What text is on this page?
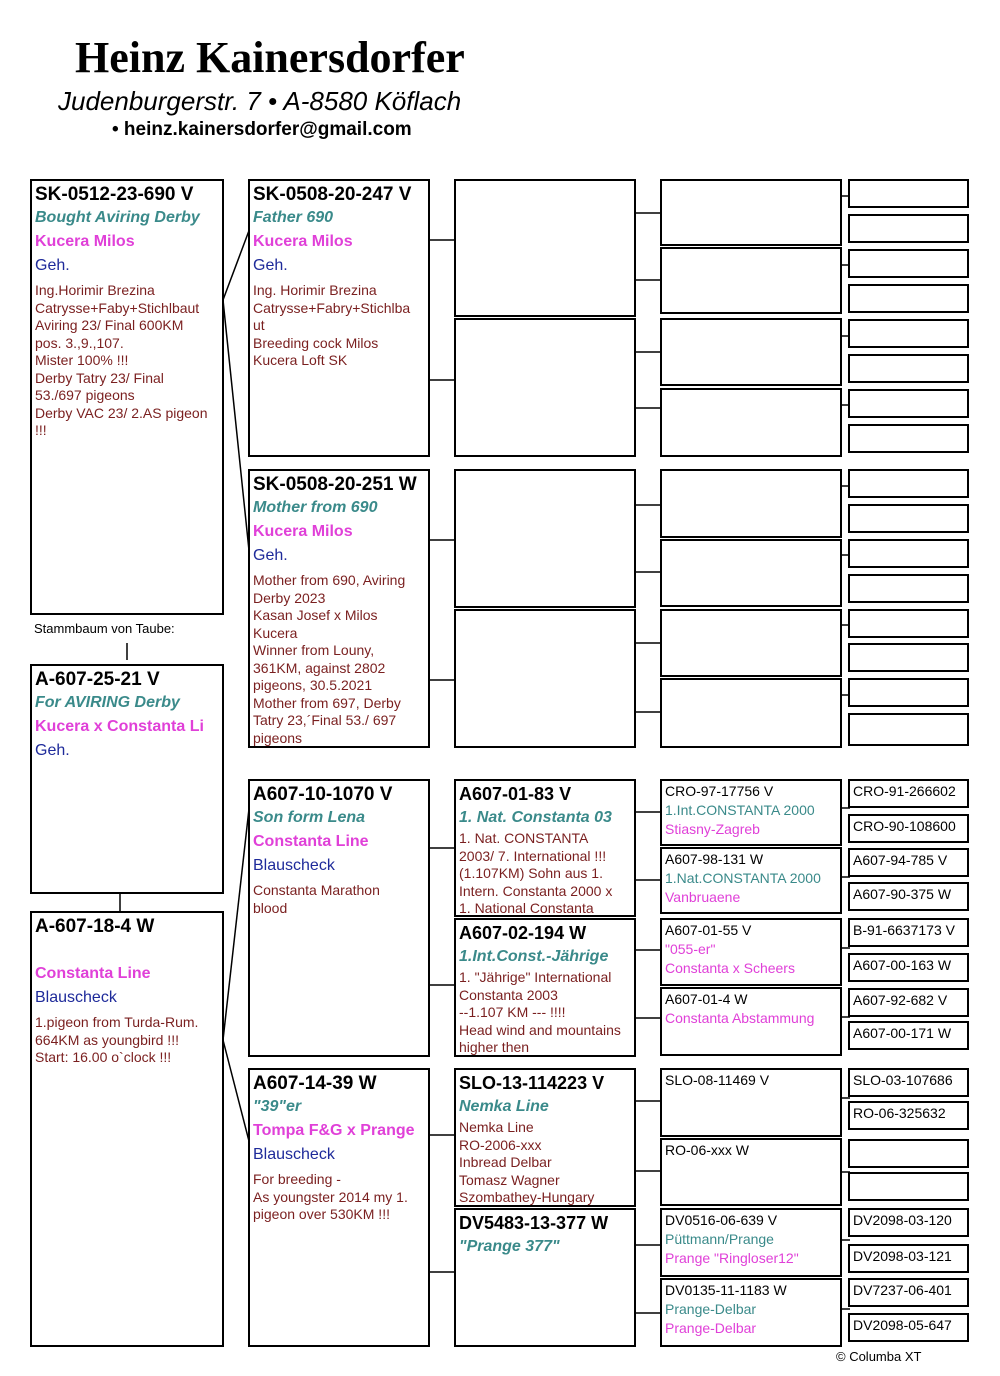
Heinz Kainersdorfer
Judenburgerstr. 7 • A-8580 Köflach
• heinz.kainersdorfer@gmail.com
SK-0512-23-690 V
Bought Aviring Derby
Kucera Milos
Geh.
Ing.Horimir Brezina
Catrysse+Faby+Stichlbaut
Aviring 23/ Final 600KM
pos. 3.,9.,107.
Mister 100% !!!
Derby Tatry 23/ Final
53./697 pigeons
Derby VAC 23/ 2.AS pigeon
!!!
SK-0508-20-247 V
Father 690
Kucera Milos
Geh.
Ing. Horimir Brezina
Catrysse+Fabry+Stichlba
ut
Breeding cock Milos
Kucera Loft SK
SK-0508-20-251 W
Mother from 690
Kucera Milos
Geh.
Mother from 690, Aviring
Derby 2023
Kasan Josef x Milos
Kucera
Winner from Louny,
361KM, against 2802
pigeons, 30.5.2021
Mother from 697, Derby
Tatry 23,´Final 53./ 697
pigeons
Stammbaum von Taube:
A-607-25-21 V
For AVIRING Derby
Kucera x Constanta Li
Geh.
A-607-18-4 W
Constanta Line
Blauscheck
1.pigeon from Turda-Rum.
664KM as youngbird !!!
Start: 16.00 o`clock !!!
A607-10-1070 V
Son form Lena
Constanta Line
Blauscheck
Constanta Marathon
blood
A607-14-39 W
"39"er
Tompa F&G x Prange
Blauscheck
For breeding -
As youngster 2014 my 1.
pigeon over 530KM !!!
A607-01-83 V
1. Nat. Constanta 03
1. Nat. CONSTANTA
2003/ 7. International !!!
(1.107KM) Sohn aus 1.
Intern. Constanta 2000 x
1. National Constanta
A607-02-194 W
1.Int.Const.-Jährige
1. "Jährige" International
Constanta 2003
--1.107 KM --- !!!!
Head wind and mountains
higher then
SLO-13-114223 V
Nemka Line
Nemka Line
RO-2006-xxx
Inbread Delbar
Tomasz Wagner
Szombathey-Hungary
DV5483-13-377 W
"Prange 377"
CRO-97-17756 V
1.Int.CONSTANTA 2000
Stiasny-Zagreb
A607-98-131 W
1.Nat.CONSTANTA 2000
Vanbruaene
A607-01-55 V
"055-er"
Constanta x Scheers
A607-01-4 W
Constanta Abstammung
SLO-08-11469 V
RO-06-xxx W
DV0516-06-639 V
Püttmann/Prange
Prange "Ringloser12"
DV0135-11-1183 W
Prange-Delbar
Prange-Delbar
CRO-91-266602
CRO-90-108600
A607-94-785 V
A607-90-375 W
B-91-6637173 V
A607-00-163 W
A607-92-682 V
A607-00-171 W
SLO-03-107686
RO-06-325632
DV2098-03-120
DV2098-03-121
DV7237-06-401
DV2098-05-647
© Columba XT
